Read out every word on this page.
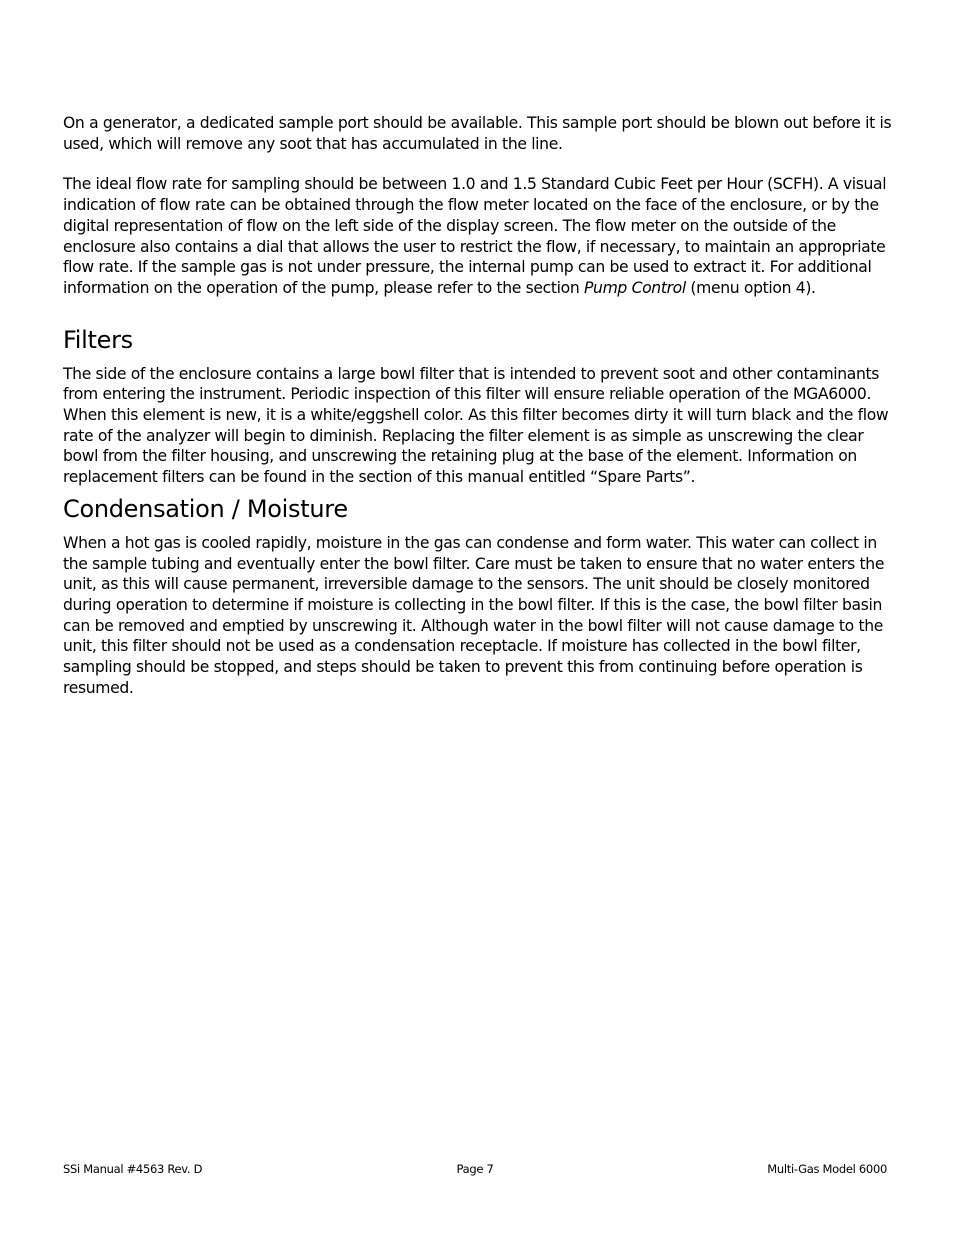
On a generator, a dedicated sample port should be available. This sample port should be blown out before it is used, which will remove any soot that has accumulated in the line.

The ideal flow rate for sampling should be between 1.0 and 1.5 Standard Cubic Feet per Hour (SCFH). A visual indication of flow rate can be obtained through the flow meter located on the face of the enclosure, or by the digital representation of flow on the left side of the display screen. The flow meter on the outside of the enclosure also contains a dial that allows the user to restrict the flow, if necessary, to maintain an appropriate flow rate. If the sample gas is not under pressure, the internal pump can be used to extract it. For additional information on the operation of the pump, please refer to the section Pump Control (menu option 4).

Filters

The side of the enclosure contains a large bowl filter that is intended to prevent soot and other contaminants from entering the instrument. Periodic inspection of this filter will ensure reliable operation of the MGA6000. When this element is new, it is a white/eggshell color. As this filter becomes dirty it will turn black and the flow rate of the analyzer will begin to diminish. Replacing the filter element is as simple as unscrewing the clear bowl from the filter housing, and unscrewing the retaining plug at the base of the element. Information on replacement filters can be found in the section of this manual entitled “Spare Parts”.

Condensation / Moisture

When a hot gas is cooled rapidly, moisture in the gas can condense and form water. This water can collect in the sample tubing and eventually enter the bowl filter. Care must be taken to ensure that no water enters the unit, as this will cause permanent, irreversible damage to the sensors. The unit should be closely monitored during operation to determine if moisture is collecting in the bowl filter. If this is the case, the bowl filter basin can be removed and emptied by unscrewing it. Although water in the bowl filter will not cause damage to the unit, this filter should not be used as a condensation receptacle. If moisture has collected in the bowl filter, sampling should be stopped, and steps should be taken to prevent this from continuing before operation is resumed.

SSi Manual #4563 Rev. D	Page 7	Multi-Gas Model 6000
